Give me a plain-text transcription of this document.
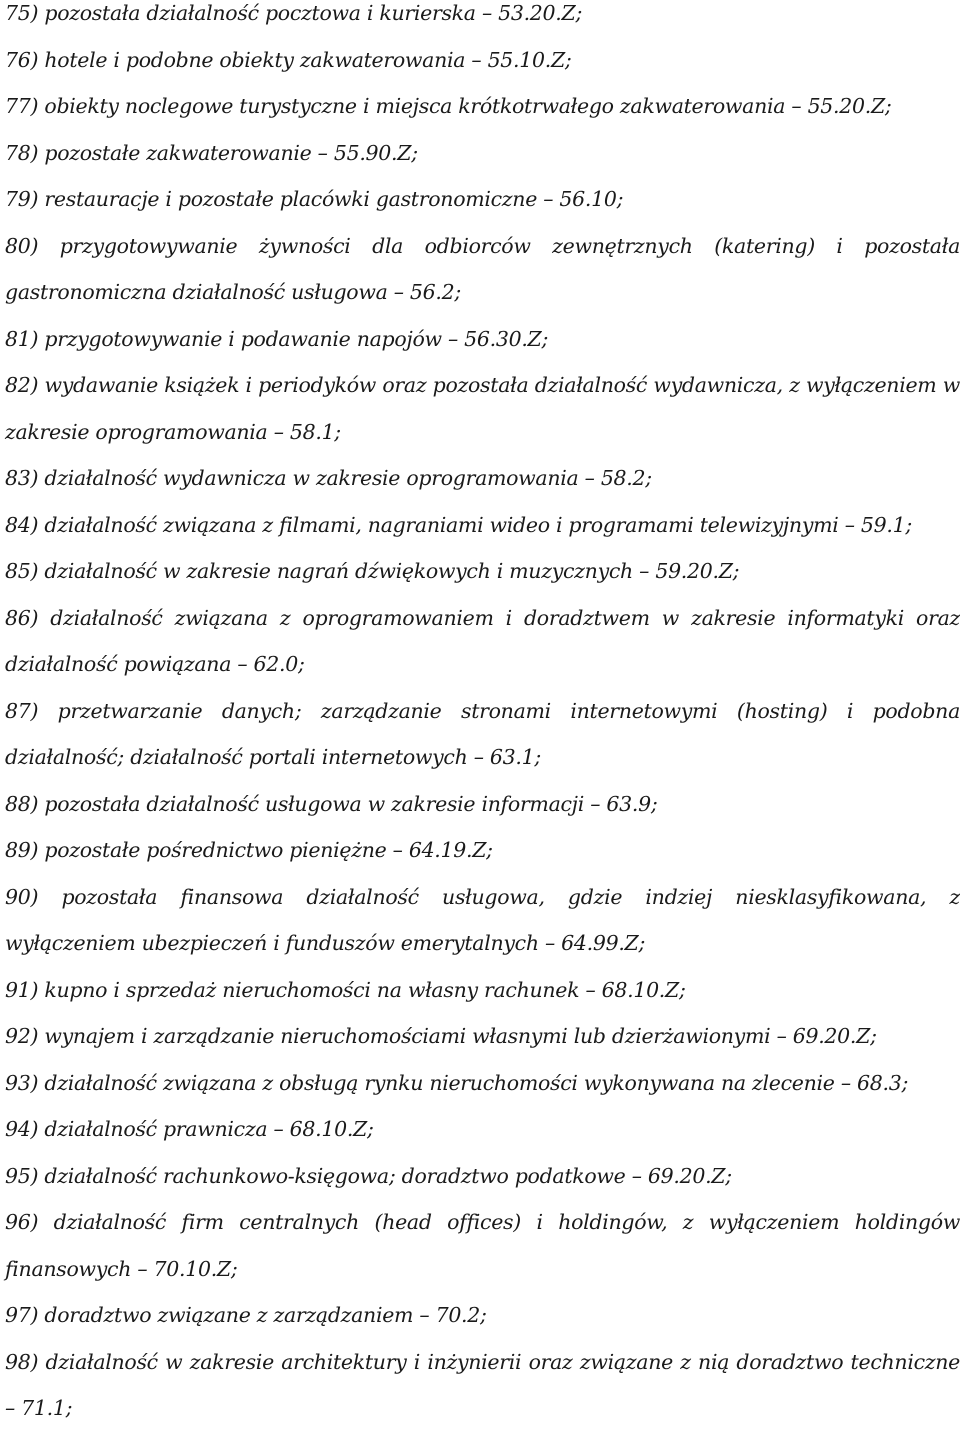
75) pozostała działalność pocztowa i kurierska – 53.20.Z;

76) hotele i podobne obiekty zakwaterowania – 55.10.Z;

77) obiekty noclegowe turystyczne i miejsca krótkotrwałego zakwaterowania – 55.20.Z;

78) pozostałe zakwaterowanie – 55.90.Z;

79) restauracje i pozostałe placówki gastronomiczne – 56.10;

80) przygotowywanie żywności dla odbiorców zewnętrznych (katering) i pozostała gastronomiczna działalność usługowa – 56.2;

81) przygotowywanie i podawanie napojów – 56.30.Z;

82) wydawanie książek i periodyków oraz pozostała działalność wydawnicza, z wyłączeniem w zakresie oprogramowania – 58.1;

83) działalność wydawnicza w zakresie oprogramowania – 58.2;

84) działalność związana z filmami, nagraniami wideo i programami telewizyjnymi – 59.1;

85) działalność w zakresie nagrań dźwiękowych i muzycznych – 59.20.Z;

86) działalność związana z oprogramowaniem i doradztwem w zakresie informatyki oraz działalność powiązana – 62.0;

87) przetwarzanie danych; zarządzanie stronami internetowymi (hosting) i podobna działalność; działalność portali internetowych – 63.1;

88) pozostała działalność usługowa w zakresie informacji – 63.9;

89) pozostałe pośrednictwo pieniężne – 64.19.Z;

90) pozostała finansowa działalność usługowa, gdzie indziej niesklasyfikowana, z wyłączeniem ubezpieczeń i funduszów emerytalnych – 64.99.Z;

91) kupno i sprzedaż nieruchomości na własny rachunek – 68.10.Z;

92) wynajem i zarządzanie nieruchomościami własnymi lub dzierżawionymi – 69.20.Z;

93) działalność związana z obsługą rynku nieruchomości wykonywana na zlecenie – 68.3;

94) działalność prawnicza – 68.10.Z;

95) działalność rachunkowo-księgowa; doradztwo podatkowe – 69.20.Z;

96) działalność firm centralnych (head offices) i holdingów, z wyłączeniem holdingów finansowych – 70.10.Z;

97) doradztwo związane z zarządzaniem – 70.2;

98) działalność w zakresie architektury i inżynierii oraz związane z nią doradztwo techniczne – 71.1;
